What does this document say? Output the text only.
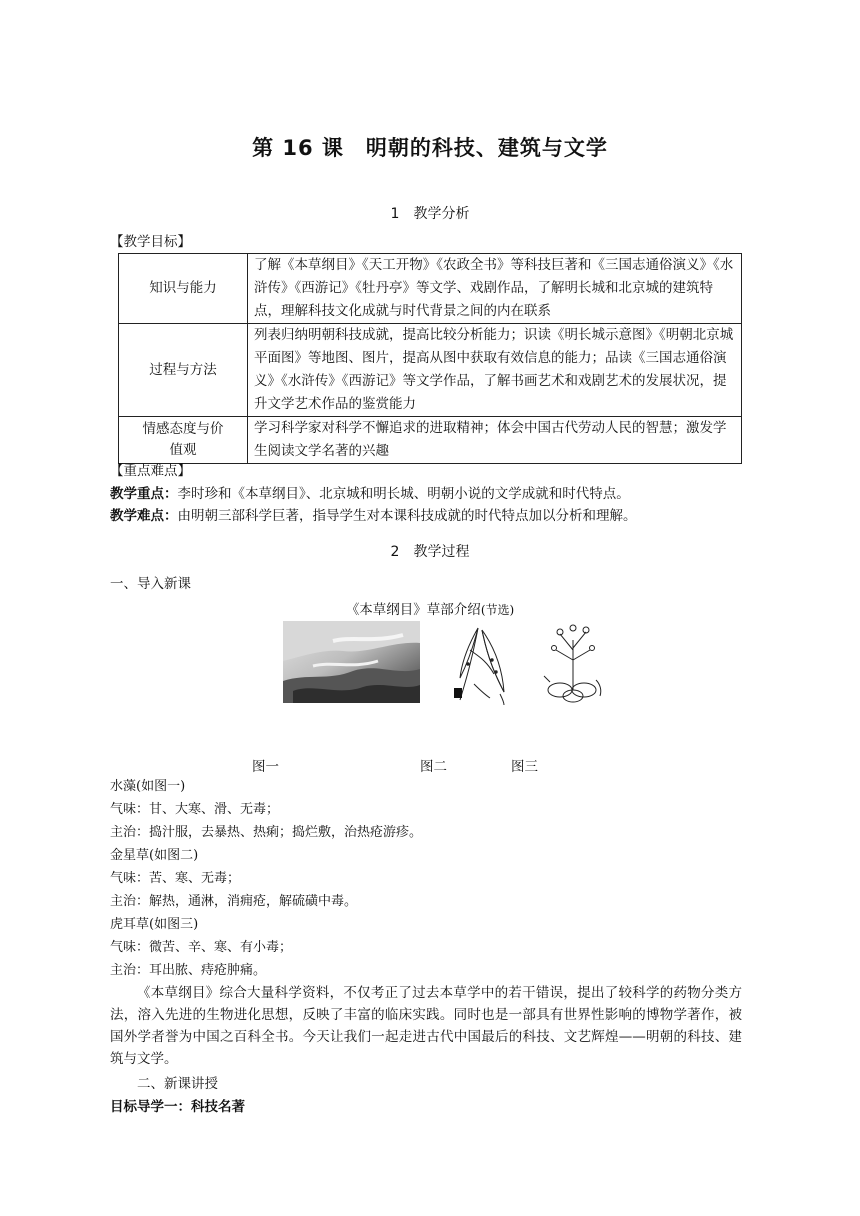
第 16 课　明朝的科技、建筑与文学
1　教学分析
【教学目标】
知识与能力	了解《本草纲目》《天工开物》《农政全书》等科技巨著和《三国志通俗演义》《水浒传》《西游记》《牡丹亭》等文学、戏剧作品，了解明长城和北京城的建筑特点，理解科技文化成就与时代背景之间的内在联系
过程与方法	列表归纳明朝科技成就，提高比较分析能力；识读《明长城示意图》《明朝北京城平面图》等地图、图片，提高从图中获取有效信息的能力；品读《三国志通俗演义》《水浒传》《西游记》等文学作品，了解书画艺术和戏剧艺术的发展状况，提升文学艺术作品的鉴赏能力
情感态度与价值观	学习科学家对科学不懈追求的进取精神；体会中国古代劳动人民的智慧；激发学生阅读文学名著的兴趣
【重点难点】
教学重点：李时珍和《本草纲目》、北京城和明长城、明朝小说的文学成就和时代特点。
教学难点：由明朝三部科学巨著，指导学生对本课科技成就的时代特点加以分析和理解。
2　教学过程
一、导入新课
《本草纲目》草部介绍(节选)
图一	图二	图三
水藻(如图一)
气味：甘、大寒、滑、无毒；
主治：捣汁服，去暴热、热痢；捣烂敷，治热疮游疹。
金星草(如图二)
气味：苦、寒、无毒；
主治：解热，通淋，消痈疮，解硫磺中毒。
虎耳草(如图三)
气味：微苦、辛、寒、有小毒；
主治：耳出脓、痔疮肿痛。
《本草纲目》综合大量科学资料，不仅考正了过去本草学中的若干错误，提出了较科学的药物分类方法，溶入先进的生物进化思想，反映了丰富的临床实践。同时也是一部具有世界性影响的博物学著作，被国外学者誉为中国之百科全书。今天让我们一起走进古代中国最后的科技、文艺辉煌——明朝的科技、建筑与文学。
二、新课讲授
目标导学一：科技名著
